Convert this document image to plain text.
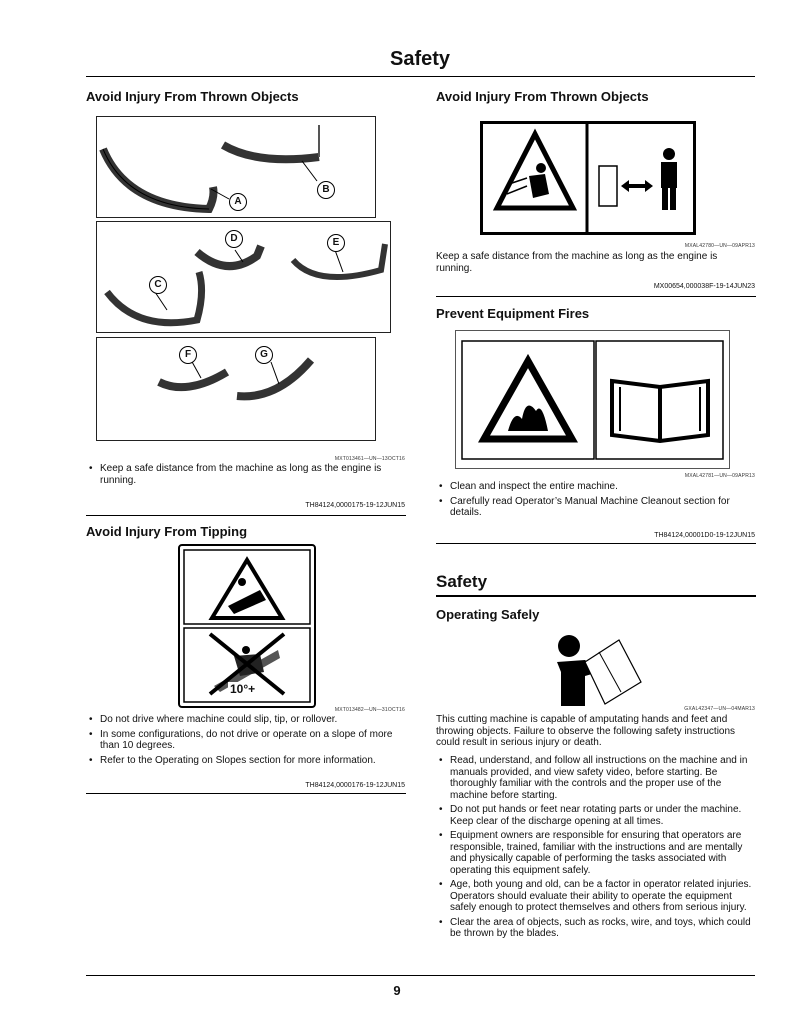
Safety
Avoid Injury From Thrown Objects
A
B
C
D	E
F	G
MXT013461—UN—13OCT16
• Keep a safe distance from the machine as long as the engine is running.
TH84124,0000175-19-12JUN15
Avoid Injury From Tipping
10°+
MXT013482—UN—31OCT16
• Do not drive where machine could slip, tip, or rollover.
• In some configurations, do not drive or operate on a slope of more than 10 degrees.
• Refer to the Operating on Slopes section for more information.
TH84124,0000176-19-12JUN15
Avoid Injury From Thrown Objects
MXAL42780—UN—09APR13
Keep a safe distance from the machine as long as the engine is running.
MX00654,000038F-19-14JUN23
Prevent Equipment Fires
MXAL42781—UN—09APR13
• Clean and inspect the entire machine.
• Carefully read Operator’s Manual Machine Cleanout section for details.
TH84124,00001D0-19-12JUN15
Safety
Operating Safely
GXAL42347—UN—04MAR13
This cutting machine is capable of amputating hands and feet and throwing objects. Failure to observe the following safety instructions could result in serious injury or death.
• Read, understand, and follow all instructions on the machine and in manuals provided, and view safety video, before starting. Be thoroughly familiar with the controls and the proper use of the machine before starting.
• Do not put hands or feet near rotating parts or under the machine. Keep clear of the discharge opening at all times.
• Equipment owners are responsible for ensuring that operators are responsible, trained, familiar with the instructions and are mentally and physically capable of performing the tasks associated with operating this equipment safely.
• Age, both young and old, can be a factor in operator related injuries. Operators should evaluate their ability to operate the equipment safely enough to protect themselves and others from serious injury.
• Clear the area of objects, such as rocks, wire, and toys, which could be thrown by the blades.
9
